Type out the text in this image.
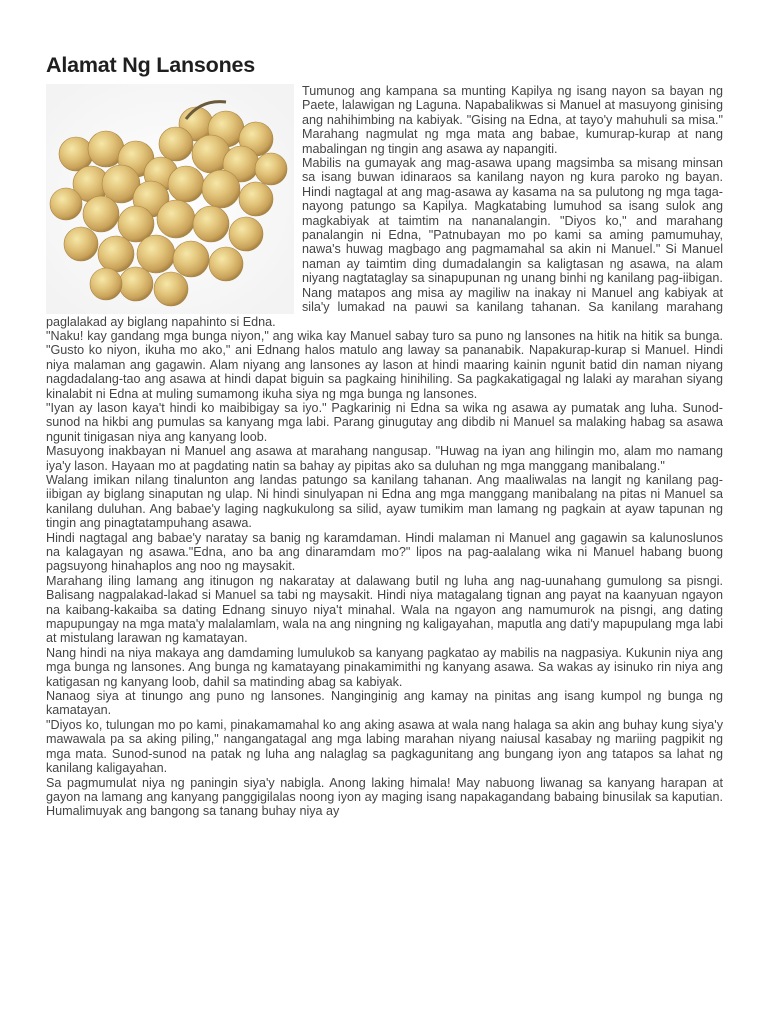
Alamat Ng Lansones

Tumunog ang kampana sa munting Kapilya ng isang nayon sa bayan ng Paete, lalawigan ng Laguna. Napabalikwas si Manuel at masuyong ginising ang nahihimbing na kabiyak. "Gising na Edna, at tayo'y mahuhuli sa misa." Marahang nagmulat ng mga mata ang babae, kumurap-kurap at nang mabalingan ng tingin ang asawa ay napangiti.

Mabilis na gumayak ang mag-asawa upang magsimba sa misang minsan sa isang buwan idinaraos sa kanilang nayon ng kura paroko ng bayan. Hindi nagtagal at ang mag-asawa ay kasama na sa pulutong ng mga taga-nayong patungo sa Kapilya. Magkatabing lumuhod sa isang sulok ang magkabiyak at taimtim na nananalangin. "Diyos ko," and marahang panalangin ni Edna, "Patnubayan mo po kami sa aming pamumuhay, nawa's huwag magbago ang pagmamahal sa akin ni Manuel." Si Manuel naman ay taimtim ding dumadalangin sa kaligtasan ng asawa, na alam niyang nagtataglay sa sinapupunan ng unang binhi ng kanilang pag-iibigan.

Nang matapos ang misa ay magiliw na inakay ni Manuel ang kabiyak at sila'y lumakad na pauwi sa kanilang tahanan. Sa kanilang marahang paglalakad ay biglang napahinto si Edna.

"Naku! kay gandang mga bunga niyon," ang wika kay Manuel sabay turo sa puno ng lansones na hitik na hitik sa bunga. "Gusto ko niyon, ikuha mo ako," ani Ednang halos matulo ang laway sa pananabik. Napakurap-kurap si Manuel. Hindi niya malaman ang gagawin. Alam niyang ang lansones ay lason at hindi maaring kainin ngunit batid din naman niyang nagdadalang-tao ang asawa at hindi dapat biguin sa pagkaing hinihiling. Sa pagkakatigagal ng lalaki ay marahan siyang kinalabit ni Edna at muling sumamong ikuha siya ng mga bunga ng lansones.

"Iyan ay lason kaya't hindi ko maibibigay sa iyo." Pagkarinig ni Edna sa wika ng asawa ay pumatak ang luha. Sunod-sunod na hikbi ang pumulas sa kanyang mga labi. Parang ginugutay ang dibdib ni Manuel sa malaking habag sa asawa ngunit tinigasan niya ang kanyang loob.

Masuyong inakbayan ni Manuel ang asawa at marahang nangusap. "Huwag na iyan ang hilingin mo, alam mo namang iya'y lason. Hayaan mo at pagdating natin sa bahay ay pipitas ako sa duluhan ng mga manggang manibalang."

Walang imikan nilang tinalunton ang landas patungo sa kanilang tahanan. Ang maaliwalas na langit ng kanilang pag-iibigan ay biglang sinaputan ng ulap. Ni hindi sinulyapan ni Edna ang mga manggang manibalang na pitas ni Manuel sa kanilang duluhan. Ang babae'y laging nagkukulong sa silid, ayaw tumikim man lamang ng pagkain at ayaw tapunan ng tingin ang pinagtatampuhang asawa.

Hindi nagtagal ang babae'y naratay sa banig ng karamdaman. Hindi malaman ni Manuel ang gagawin sa kalunoslunos na kalagayan ng asawa."Edna, ano ba ang dinaramdam mo?" lipos na pag-aalalang wika ni Manuel habang buong pagsuyong hinahaplos ang noo ng maysakit.

Marahang iling lamang ang itinugon ng nakaratay at dalawang butil ng luha ang nag-uunahang gumulong sa pisngi. Balisang nagpalakad-lakad si Manuel sa tabi ng maysakit. Hindi niya matagalang tignan ang payat na kaanyuan ngayon na kaibang-kakaiba sa dating Ednang sinuyo niya't minahal. Wala na ngayon ang namumurok na pisngi, ang dating mapupungay na mga mata'y malalamlam, wala na ang ningning ng kaligayahan, maputla ang dati'y mapupulang mga labi at mistulang larawan ng kamatayan.

Nang hindi na niya makaya ang damdaming lumulukob sa kanyang pagkatao ay mabilis na nagpasiya. Kukunin niya ang mga bunga ng lansones. Ang bunga ng kamatayang pinakamimithi ng kanyang asawa. Sa wakas ay isinuko rin niya ang katigasan ng kanyang loob, dahil sa matinding abag sa kabiyak.

Nanaog siya at tinungo ang puno ng lansones. Nanginginig ang kamay na pinitas ang isang kumpol ng bunga ng kamatayan.

"Diyos ko, tulungan mo po kami, pinakamamahal ko ang aking asawa at wala nang halaga sa akin ang buhay kung siya'y mawawala pa sa aking piling," nangangatagal ang mga labing marahan niyang naiusal kasabay ng mariing pagpikit ng mga mata. Sunod-sunod na patak ng luha ang nalaglag sa pagkagunitang ang bungang iyon ang tatapos sa lahat ng kanilang kaligayahan.

Sa pagmumulat niya ng paningin siya'y nabigla. Anong laking himala! May nabuong liwanag sa kanyang harapan at gayon na lamang ang kanyang panggigilalas noong iyon ay maging isang napakagandang babaing binusilak sa kaputian. Humalimuyak ang bangong sa tanang buhay niya ay
